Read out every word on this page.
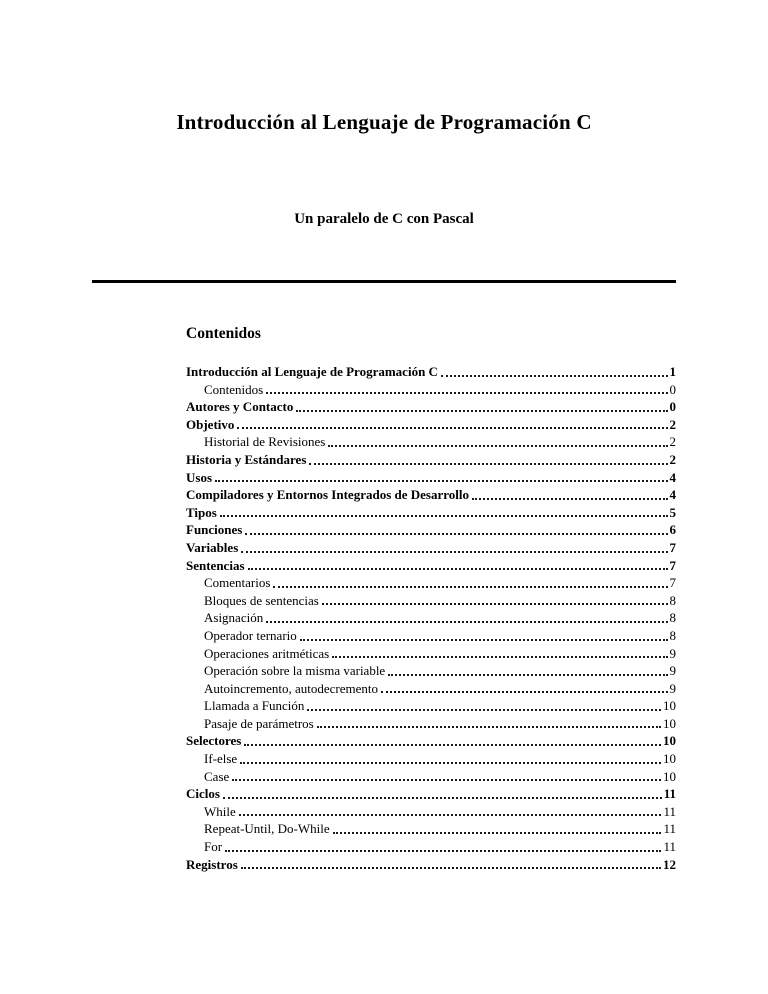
Introducción al Lenguaje de Programación C
Un paralelo de C con Pascal
Contenidos
Introducción al Lenguaje de Programación C	1
Contenidos	0
Autores y Contacto	0
Objetivo	2
Historial de Revisiones	2
Historia y Estándares	2
Usos	4
Compiladores y Entornos Integrados de Desarrollo	4
Tipos	5
Funciones	6
Variables	7
Sentencias	7
Comentarios	7
Bloques de sentencias	8
Asignación	8
Operador ternario	8
Operaciones aritméticas	9
Operación sobre la misma variable	9
Autoincremento, autodecremento	9
Llamada a Función	10
Pasaje de parámetros	10
Selectores	10
If-else	10
Case	10
Ciclos	11
While	11
Repeat-Until, Do-While	11
For	11
Registros	12
